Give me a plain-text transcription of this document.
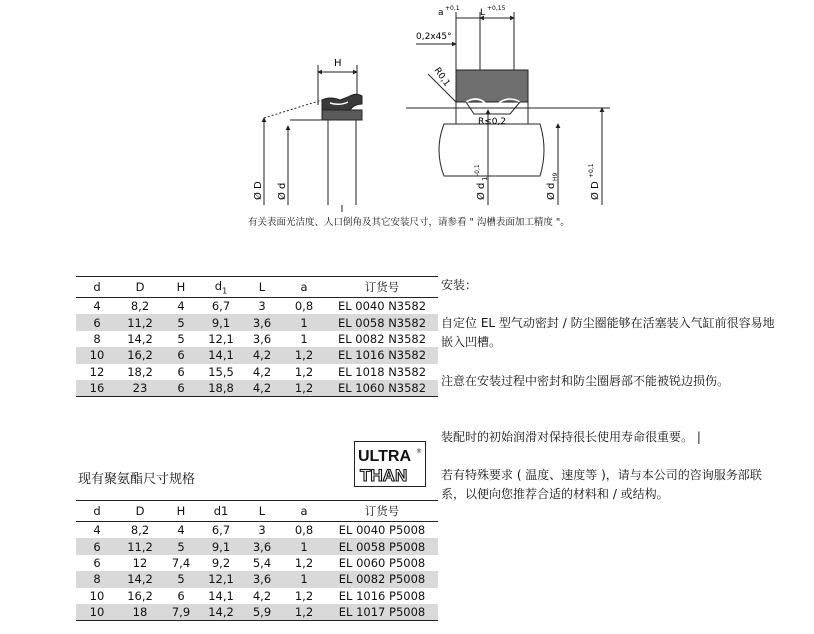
H
Ø D Ø d
a +0,1 L +0,15
0,2x45°
R0,1
R≤0,2
Ø d
1
-0,1
Ø d
H9
Ø D
+0,1
有关表面光洁度、人口倒角及其它安装尺寸，请参看 " 沟槽表面加工精度 "。
d	D	H	$d_1$	L	a	订货号
4	8,2	4	6,7	3	0,8	EL 0040 N3582
6	11,2	5	9,1	3,6	1	EL 0058 N3582
8	14,2	5	12,1	3,6	1	EL 0082 N3582
10	16,2	6	14,1	4,2	1,2	EL 1016 N3582
12	18,2	6	15,5	4,2	1,2	EL 1018 N3582
16	23	6	18,8	4,2	1,2	EL 1060 N3582
ULTRA
THAN
®
现有聚氨酯尺寸规格
d	D	H	d1	L	a	订货号
4	8,2	4	6,7	3	0,8	EL 0040 P5008
6	11,2	5	9,1	3,6	1	EL 0058 P5008
6	12	7,4	9,2	5,4	1,2	EL 0060 P5008
8	14,2	5	12,1	3,6	1	EL 0082 P5008
10	16,2	6	14,1	4,2	1,2	EL 1016 P5008
10	18	7,9	14,2	5,9	1,2	EL 1017 P5008

安装：

自定位 EL 型气动密封 / 防尘圈能够在活塞装入气缸前很容易地嵌入凹槽。

注意在安装过程中密封和防尘圈唇部不能被锐边损伤。

装配时的初始润滑对保持很长使用寿命很重要。 |

若有特殊要求 ( 温度、速度等 )，请与本公司的咨询服务部联系，以便向您推荐合适的材料和 / 或结构。
